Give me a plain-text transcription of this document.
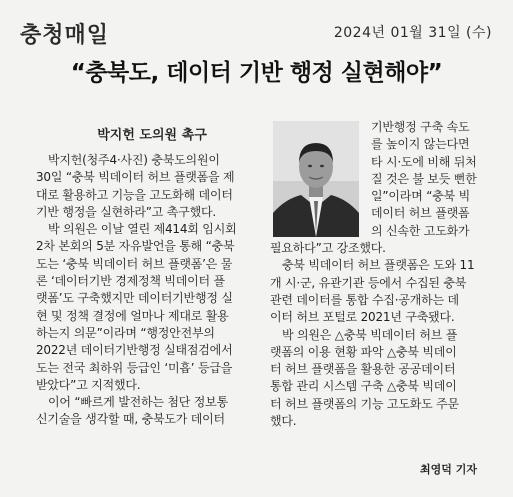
충청매일	2024년 01월 31일 (수)
“충북도, 데이터 기반 행정 실현해야”
박지헌 도의원 촉구

박지헌(청주4·사진) 충북도의원이

30일 “충북 빅데이터 허브 플랫폼을 제

대로 활용하고 기능을 고도화해 데이터

기반 행정을 실현하라”고 촉구했다.

박 의원은 이날 열린 제414회 임시회

2차 본회의 5분 자유발언을 통해 “충북

도는 ‘충북 빅데이터 허브 플랫폼’은 물

론 ‘데이터기반 경제정책 빅데이터 플

랫폼’도 구축했지만 데이터기반행정 실

현 및 정책 결정에 얼마나 제대로 활용

하는지 의문”이라며 “행정안전부의

2022년 데이터기반행정 실태점검에서

도는 전국 최하위 등급인 ‘미흡’ 등급을

받았다”고 지적했다.

이어 “빠르게 발전하는 첨단 정보통

신기술을 생각할 때, 충북도가 데이터

기반행정 구축 속도

를 높이지 않는다면

타 시·도에 비해 뒤처

질 것은 불 보듯 뻔한

일”이라며 “충북 빅

데이터 허브 플랫폼

의 신속한 고도화가

필요하다”고 강조했다.

충북 빅데이터 허브 플랫폼은 도와 11

개 시·군, 유관기관 등에서 수집된 충북

관련 데이터를 통합 수집·공개하는 데

이터 허브 포털로 2021년 구축됐다.

박 의원은 △충북 빅데이터 허브 플

랫폼의 이용 현황 파악 △충북 빅데이

터 허브 플랫폼을 활용한 공공데이터

통합 관리 시스템 구축 △충북 빅데이

터 허브 플랫폼의 기능 고도화도 주문

했다.

최영덕 기자
